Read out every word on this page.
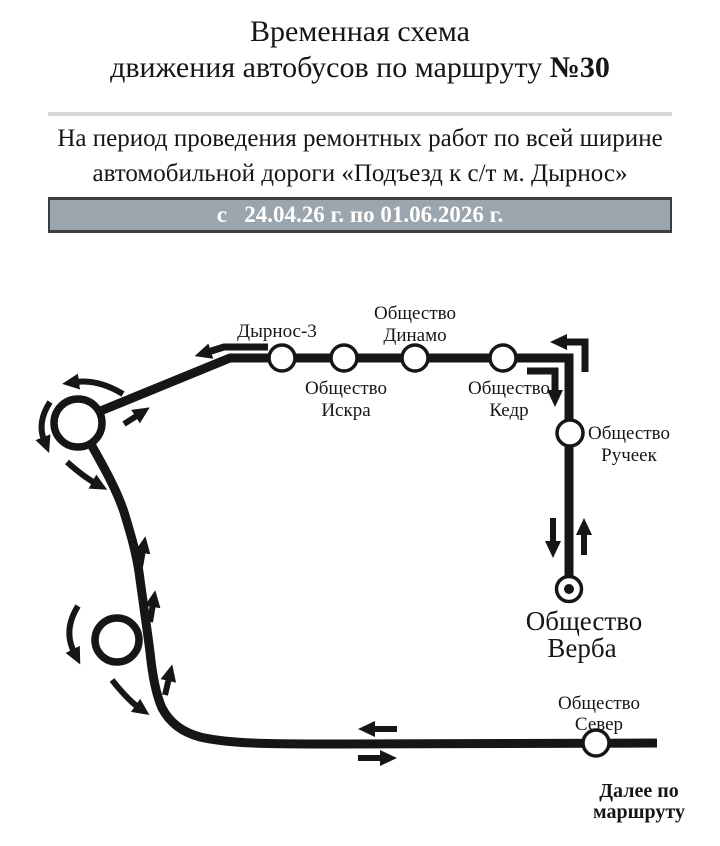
Временная схема
движения автобусов по маршруту №30

На период проведения ремонтных работ по всей ширине
автомобильной дороги «Подъезд к с/т м. Дырнос»

с   24.04.26 г. по 01.06.2026 г.
Дырнос-3
Общество
Динамо
Общество
Искра
Общество
Кедр
Общество
Ручеек
Общество
Верба
Общество
Север
Далее по
маршруту
